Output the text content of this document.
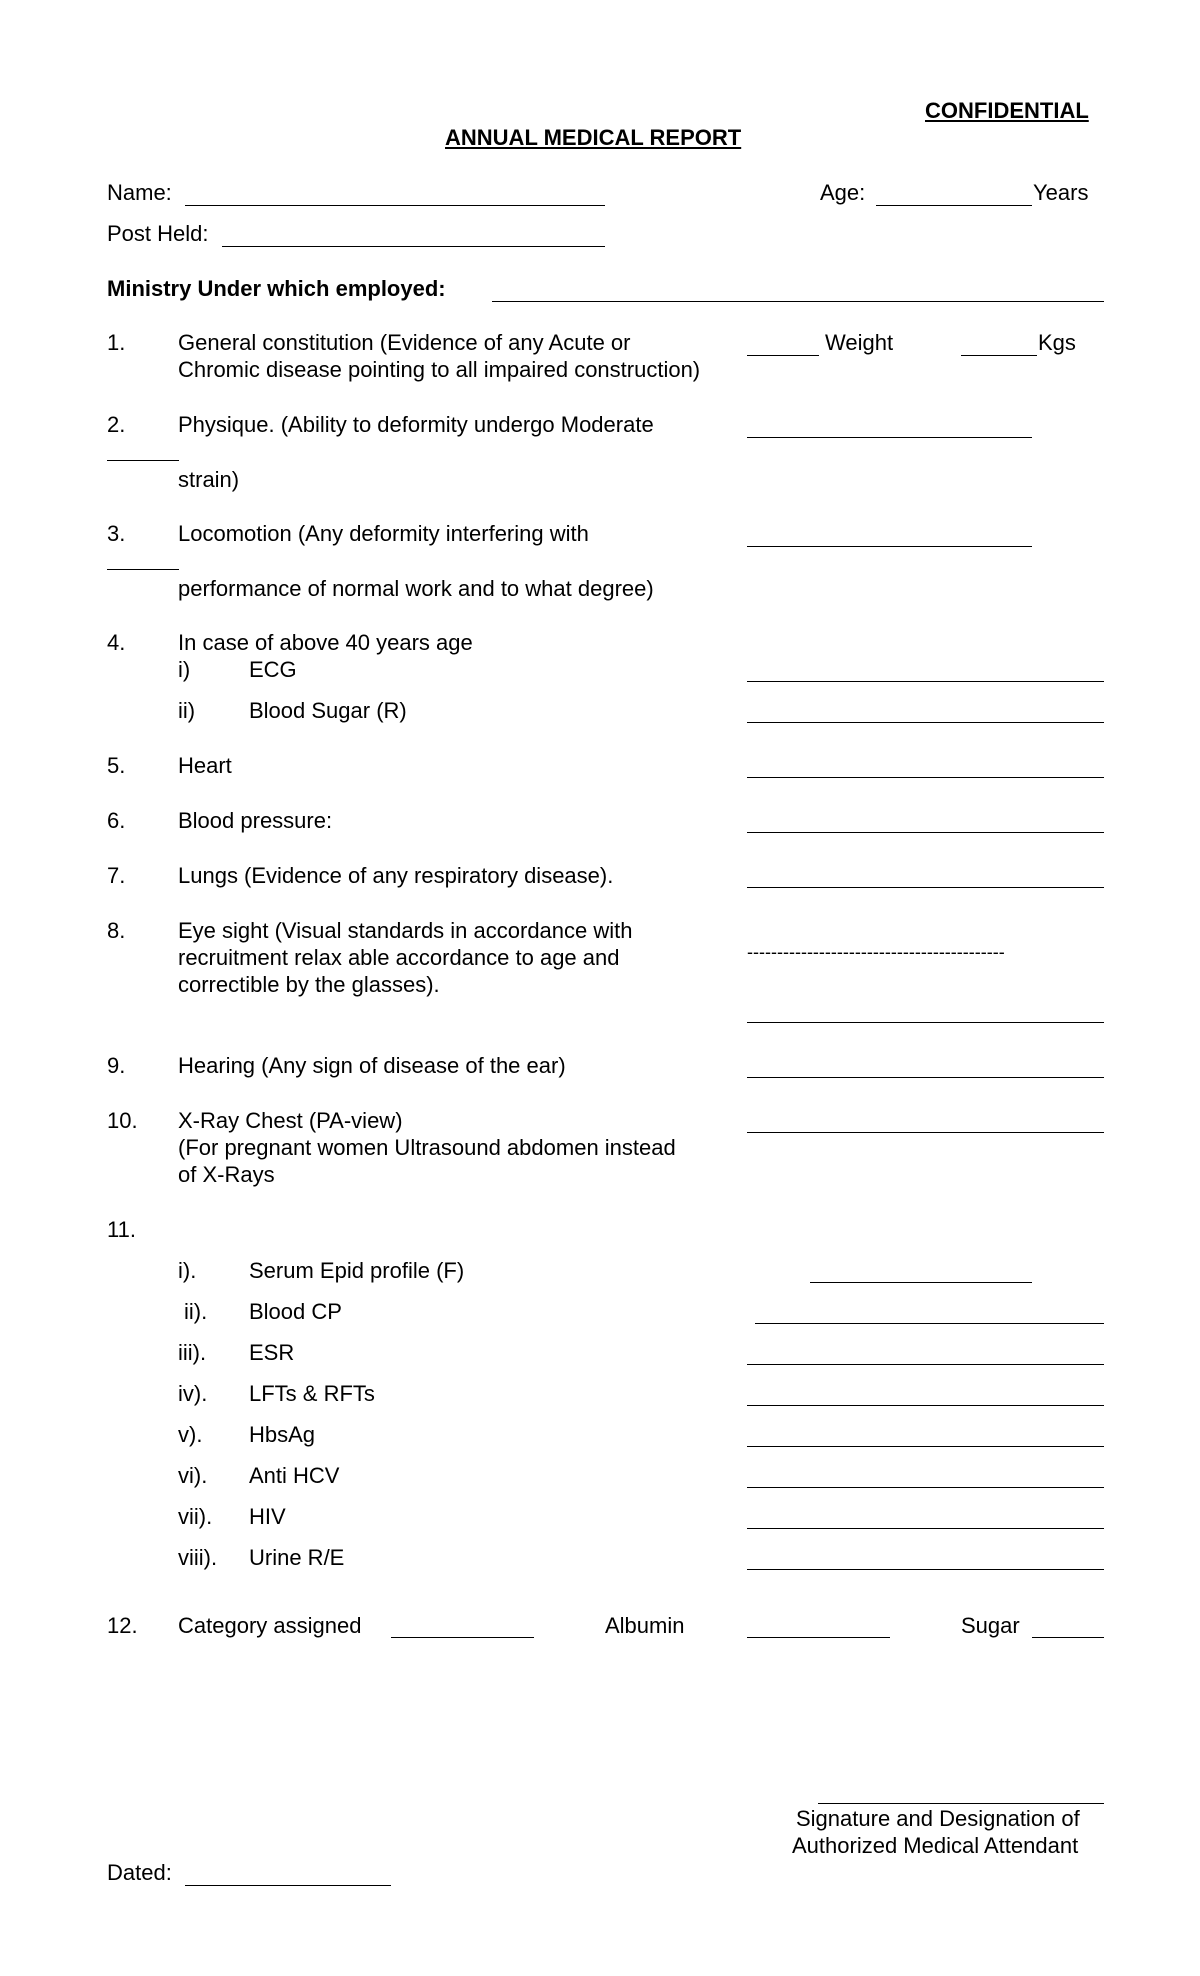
CONFIDENTIAL
ANNUAL MEDICAL REPORT
Name:	Age:	Years
Post Held:
Ministry Under which employed:
1. General constitution (Evidence of any Acute or
Chromic disease pointing to all impaired construction)
Weight	Kgs
2. Physique. (Ability to deformity undergo Moderate
strain)
3. Locomotion (Any deformity interfering with
performance of normal work and to what degree)
4. In case of above 40 years age
i)	ECG
ii) Blood Sugar (R)
5. Heart
6. Blood pressure:
7. Lungs (Evidence of any respiratory disease).
8. Eye sight (Visual standards in accordance with
recruitment relax able accordance to age and
correctible by the glasses).
-------------------------------------------
9. Hearing (Any sign of disease of the ear)
10. X-Ray Chest (PA-view)
(For pregnant women Ultrasound abdomen instead
of X-Rays
11.
i). Serum Epid profile (F)
ii). Blood CP
iii). ESR
iv). LFTs & RFTs
v). HbsAg
vi). Anti HCV
vii). HIV
viii). Urine R/E
12. Category assigned	Albumin	Sugar
Signature and Designation of
Authorized Medical Attendant
Dated:
